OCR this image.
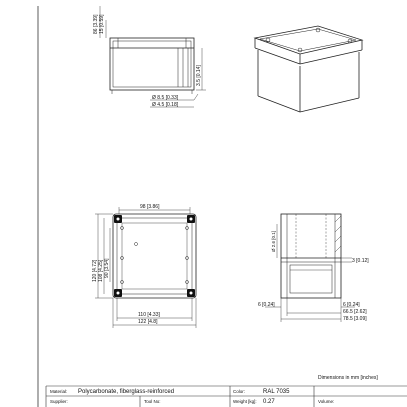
86 [3.39] 15 [0.59]
3.5 [0.14]
Ø 8.5 [0.33]
Ø 4.5 [0.18]
98 [3.86]
120 [4.72] 108 [4.25] 90 [3.54]
110 [4.33]
122 [4.8]
Ø 2.6 [0.1]
3 [0.12]
6 [0.24]	6 [0.24]
66.5 [2.62]
78.5 [3.09]
Dimensions in mm [inches]
Material: Polycarbonate, fiberglass-reinforced	Color:	RAL 7035
Supplier:	Tool No:	Weight [kg]: 0.27	Volume:
